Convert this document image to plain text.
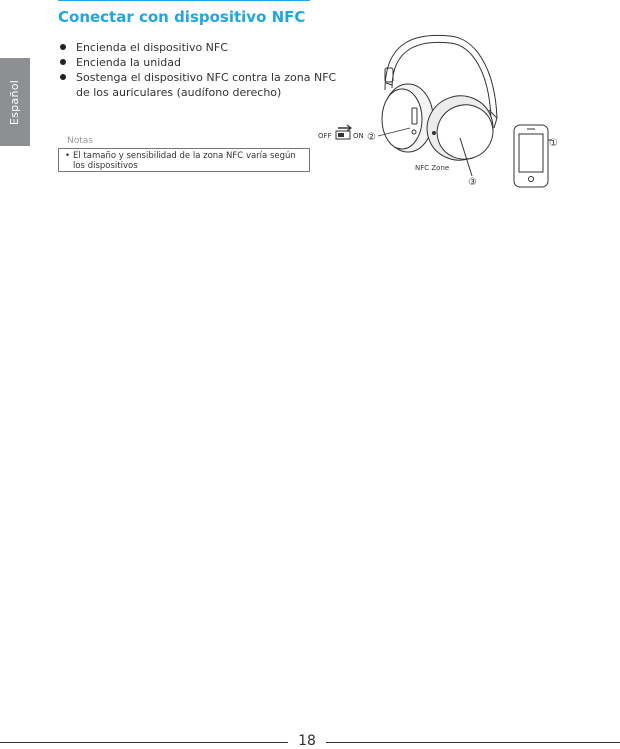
Español
Conectar con dispositivo NFC
Encienda el dispositivo NFC
Encienda la unidad
Sostenga el dispositivo NFC contra la zona NFC de los auriculares (audífono derecho)
Notas
• El tamaño y sensibilidad de la zona NFC varía según los dispositivos
OFF	ON ②
NFC Zone
③
①
18
